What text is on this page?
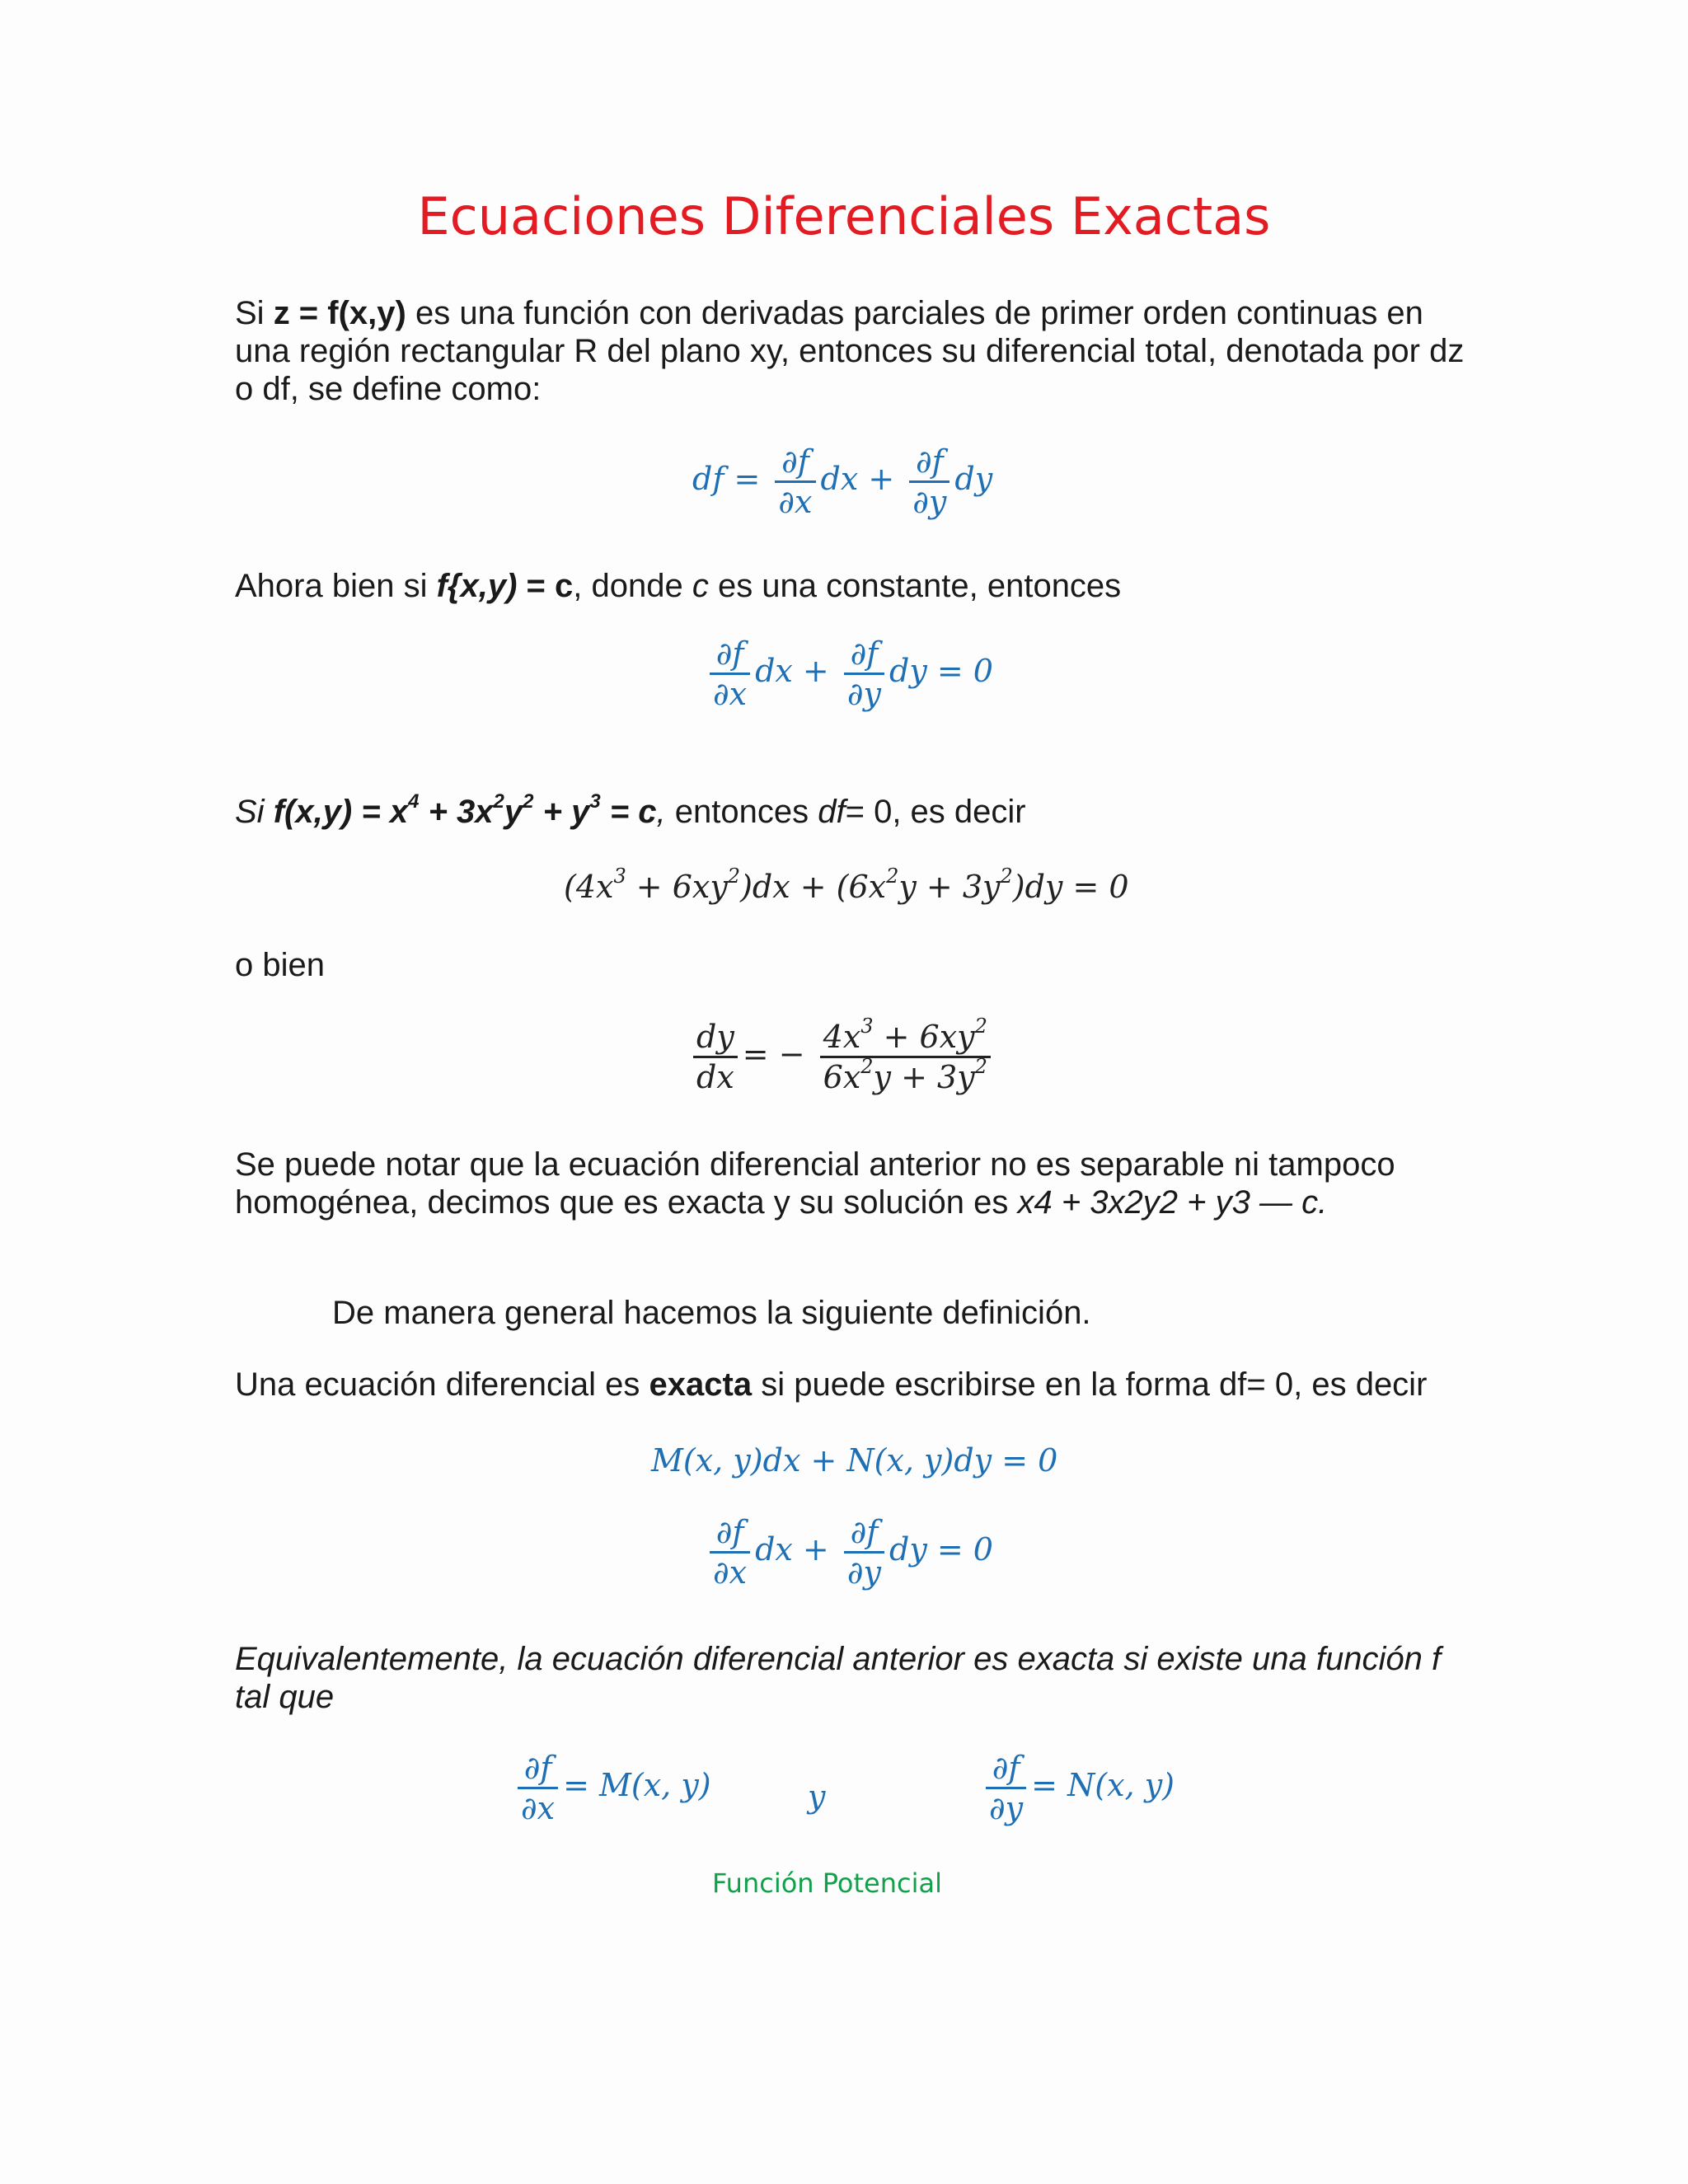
Ecuaciones Diferenciales Exactas
Si z = f(x,y) es una función con derivadas parciales de primer orden continuas en una región rectangular R del plano xy, entonces su diferencial total, denotada por dz o df, se define como:
df = $\frac{\partial f}{\partial x}$ dx + $\frac{\partial f}{\partial y}$ dy
Ahora bien si f{x,y) = c, donde c es una constante, entonces
$\frac{\partial f}{\partial x}$ dx + $\frac{\partial f}{\partial y}$ dy = 0
Si $f(x,y) = x^4 + 3x^2y^2 + y^3 = c$, entonces df= 0, es decir
$(4x^3 + 6xy^2)dx + (6x^2y + 3y^2)dy = 0$
o bien
$\frac{dy}{dx}$ = − $\frac{4x^3 + 6xy^2}{6x^2y + 3y^2}$
Se puede notar que la ecuación diferencial anterior no es separable ni tampoco homogénea, decimos que es exacta y su solución es x4 + 3x2y2 + y3 — c.
De manera general hacemos la siguiente definición.
Una ecuación diferencial es exacta si puede escribirse en la forma df= 0, es decir
M(x, y)dx + N(x, y)dy = 0
$\frac{\partial f}{\partial x}$ dx + $\frac{\partial f}{\partial y}$ dy = 0
Equivalentemente, la ecuación diferencial anterior es exacta si existe una función f tal que
$\frac{\partial f}{\partial x} = M(x$, y)	y	$\frac{\partial f}{\partial y} = N(x$, y)
Función Potencial
